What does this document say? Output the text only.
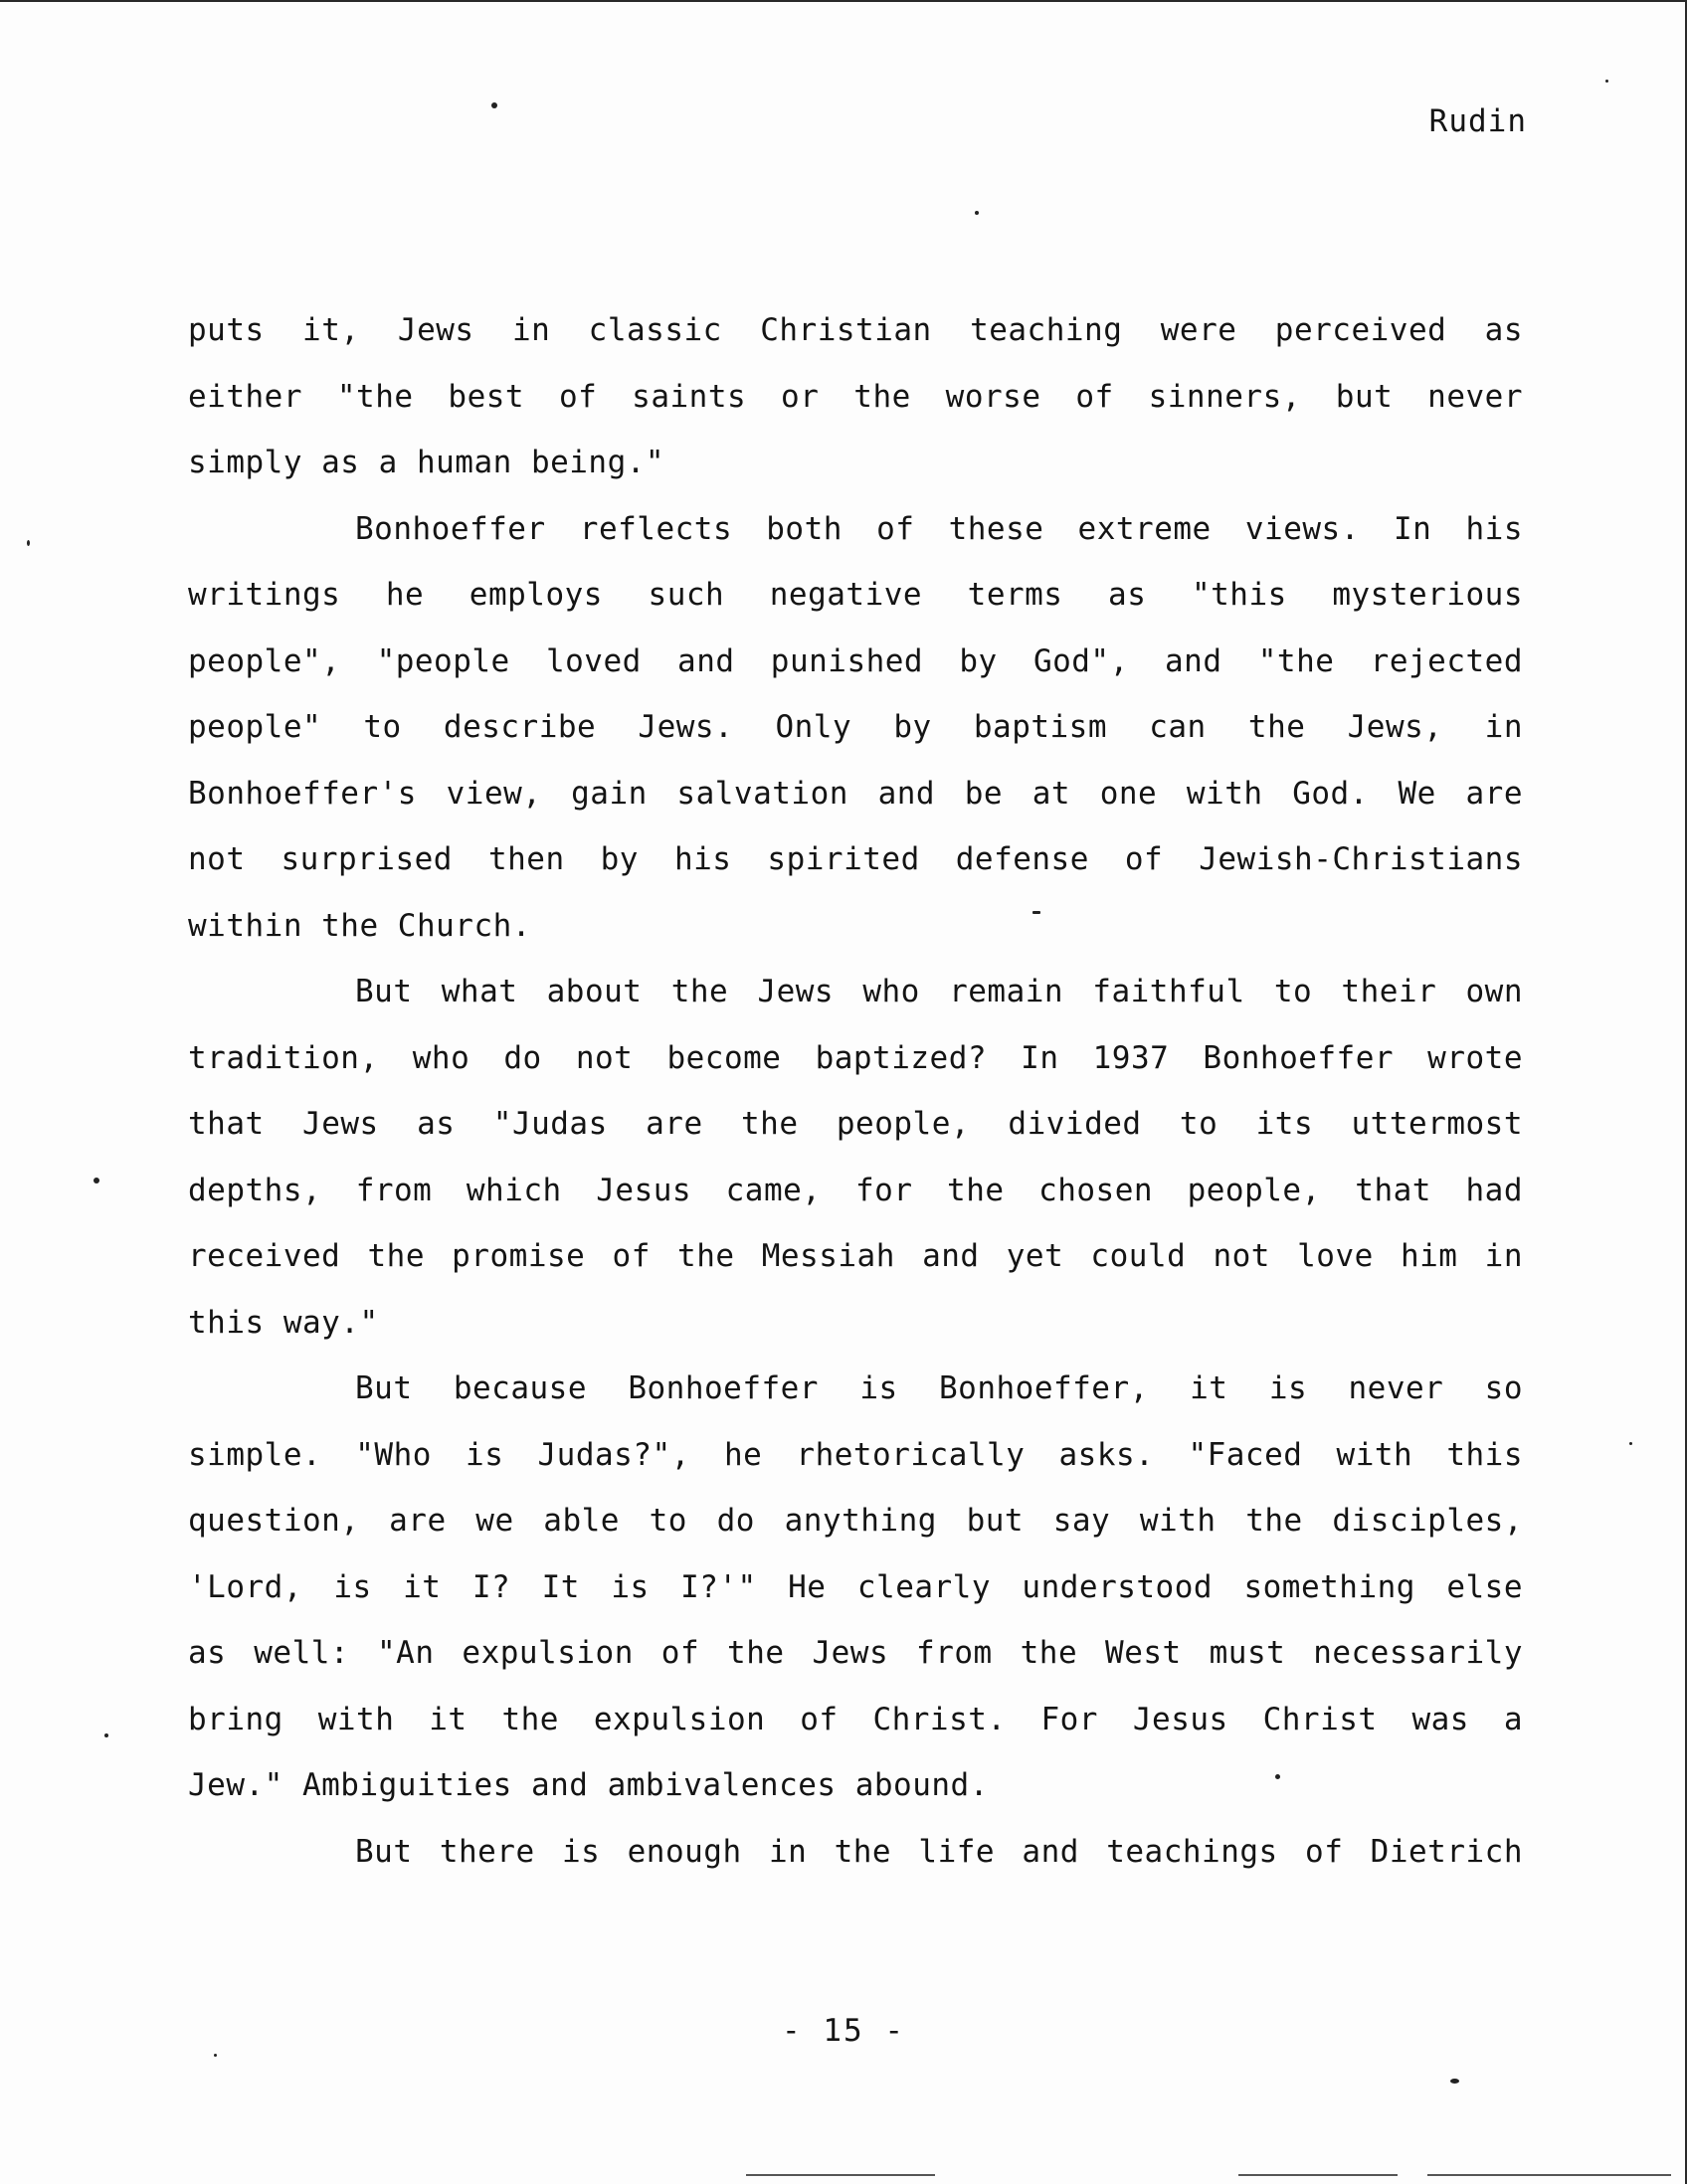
Rudin
puts it, Jews in classic Christian teaching were perceived as
either "the best of saints or the worse of sinners, but never
simply as a human being."
Bonhoeffer reflects both of these extreme views. In his
writings he employs such negative terms as "this mysterious
people", "people loved and punished by God", and "the rejected
people" to describe Jews. Only by baptism can the Jews, in
Bonhoeffer's view, gain salvation and be at one with God. We are
not surprised then by his spirited defense of Jewish-Christians
within the Church.
But what about the Jews who remain faithful to their own
tradition, who do not become baptized? In 1937 Bonhoeffer wrote
that Jews as "Judas are the people, divided to its uttermost
depths, from which Jesus came, for the chosen people, that had
received the promise of the Messiah and yet could not love him in
this way."
But because Bonhoeffer is Bonhoeffer, it is never so
simple. "Who is Judas?", he rhetorically asks. "Faced with this
question, are we able to do anything but say with the disciples,
'Lord, is it I? It is I?'" He clearly understood something else
as well: "An expulsion of the Jews from the West must necessarily
bring with it the expulsion of Christ. For Jesus Christ was a
Jew." Ambiguities and ambivalences abound.
But there is enough in the life and teachings of Dietrich
- 15 -
